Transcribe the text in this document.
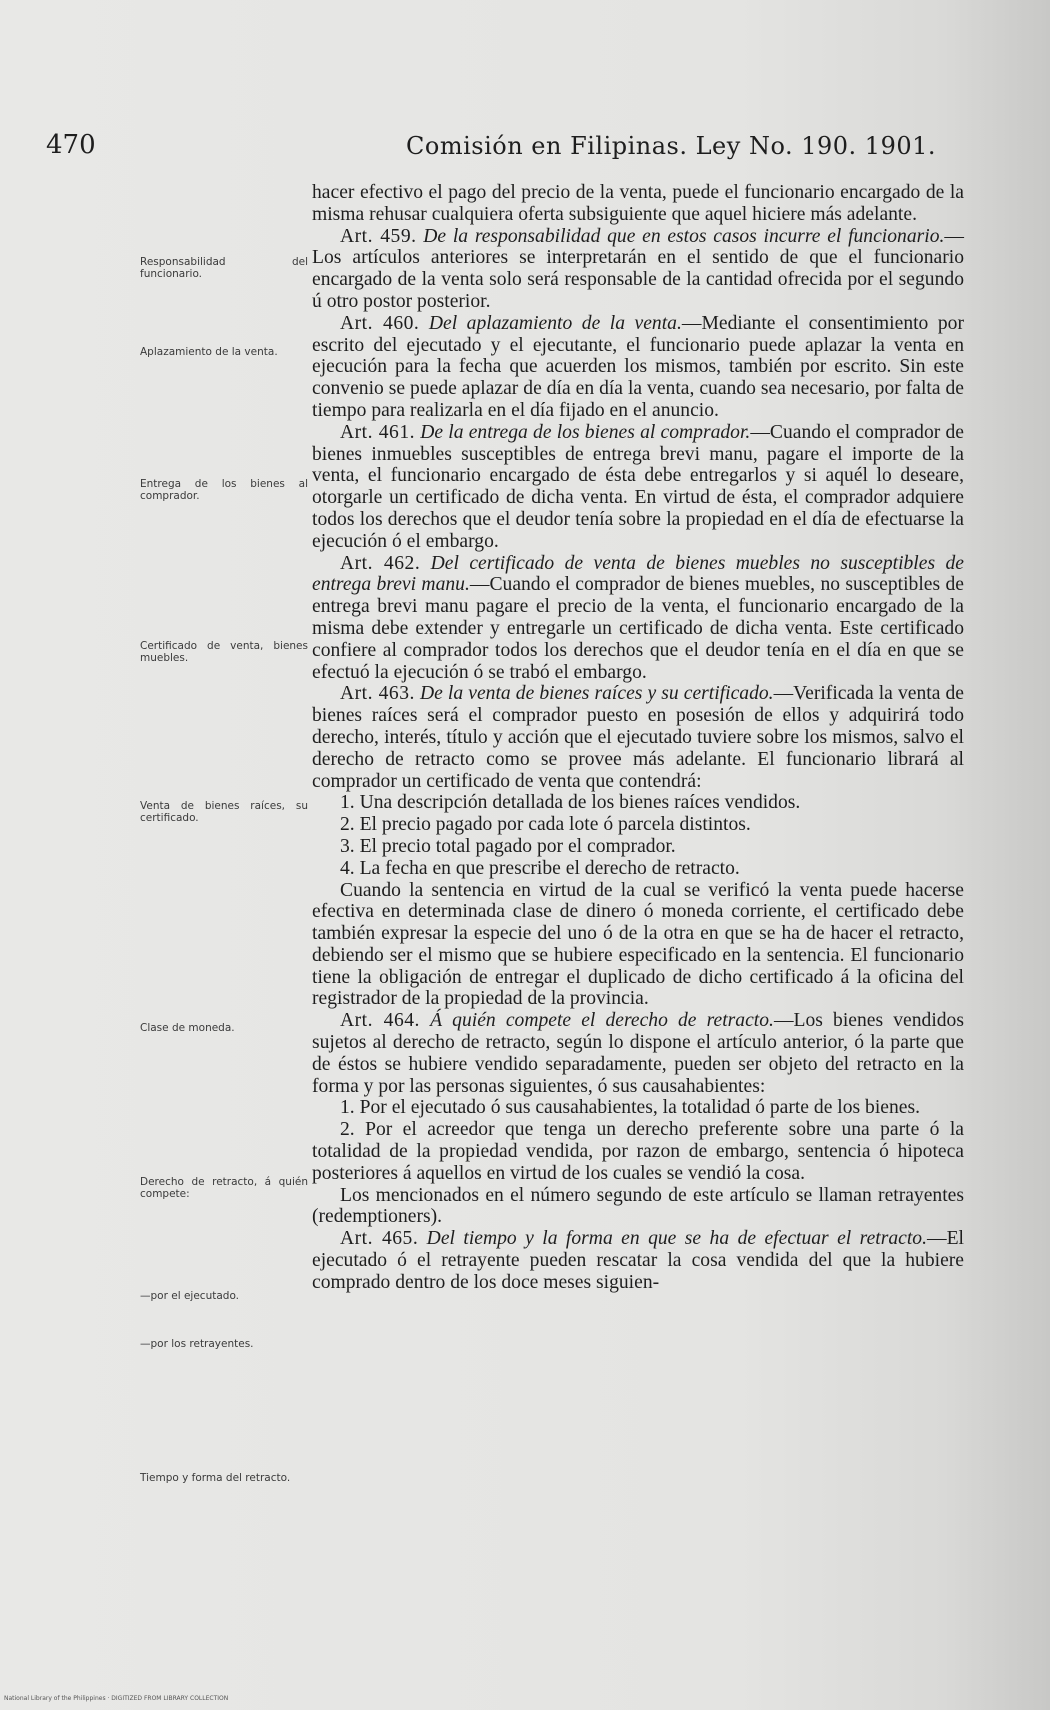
470	Comisión en Filipinas. Ley No. 190. 1901.
Responsabilidad del funcionario.
Aplazamiento de la venta.
Entrega de los bienes al comprador.
Certificado de venta, bienes muebles.
Venta de bienes raíces, su certificado.
Clase de moneda.
Derecho de retracto, á quién compete:
—por el ejecutado.
—por los retrayentes.
Tiempo y forma del retracto.

hacer efectivo el pago del precio de la venta, puede el funcionario encargado de la misma rehusar cualquiera oferta subsiguiente que aquel hiciere más adelante.

Art. 459. De la responsabilidad que en estos casos incurre el funcionario.—Los artículos anteriores se interpretarán en el sentido de que el funcionario encargado de la venta solo será responsable de la cantidad ofrecida por el segundo ú otro postor posterior.

Art. 460. Del aplazamiento de la venta.—Mediante el consentimiento por escrito del ejecutado y el ejecutante, el funcionario puede aplazar la venta en ejecución para la fecha que acuerden los mismos, también por escrito. Sin este convenio se puede aplazar de día en día la venta, cuando sea necesario, por falta de tiempo para realizarla en el día fijado en el anuncio.

Art. 461. De la entrega de los bienes al comprador.—Cuando el comprador de bienes inmuebles susceptibles de entrega brevi manu, pagare el importe de la venta, el funcionario encargado de ésta debe entregarlos y si aquél lo deseare, otorgarle un certificado de dicha venta. En virtud de ésta, el comprador adquiere todos los derechos que el deudor tenía sobre la propiedad en el día de efectuarse la ejecución ó el embargo.

Art. 462. Del certificado de venta de bienes muebles no susceptibles de entrega brevi manu.—Cuando el comprador de bienes muebles, no susceptibles de entrega brevi manu pagare el precio de la venta, el funcionario encargado de la misma debe extender y entregarle un certificado de dicha venta. Este certificado confiere al comprador todos los derechos que el deudor tenía en el día en que se efectuó la ejecución ó se trabó el embargo.

Art. 463. De la venta de bienes raíces y su certificado.—Verificada la venta de bienes raíces será el comprador puesto en posesión de ellos y adquirirá todo derecho, interés, título y acción que el ejecutado tuviere sobre los mismos, salvo el derecho de retracto como se provee más adelante. El funcionario librará al comprador un certificado de venta que contendrá:

1. Una descripción detallada de los bienes raíces vendidos.

2. El precio pagado por cada lote ó parcela distintos.

3. El precio total pagado por el comprador.

4. La fecha en que prescribe el derecho de retracto.

Cuando la sentencia en virtud de la cual se verificó la venta puede hacerse efectiva en determinada clase de dinero ó moneda corriente, el certificado debe también expresar la especie del uno ó de la otra en que se ha de hacer el retracto, debiendo ser el mismo que se hubiere especificado en la sentencia. El funcionario tiene la obligación de entregar el duplicado de dicho certificado á la oficina del registrador de la propiedad de la provincia.

Art. 464. Á quién compete el derecho de retracto.—Los bienes vendidos sujetos al derecho de retracto, según lo dispone el artículo anterior, ó la parte que de éstos se hubiere vendido separadamente, pueden ser objeto del retracto en la forma y por las personas siguientes, ó sus causahabientes:

1. Por el ejecutado ó sus causahabientes, la totalidad ó parte de los bienes.

2. Por el acreedor que tenga un derecho preferente sobre una parte ó la totalidad de la propiedad vendida, por razon de embargo, sentencia ó hipoteca posteriores á aquellos en virtud de los cuales se vendió la cosa.

Los mencionados en el número segundo de este artículo se llaman retrayentes (redemptioners).

Art. 465. Del tiempo y la forma en que se ha de efectuar el retracto.—El ejecutado ó el retrayente pueden rescatar la cosa vendida del que la hubiere comprado dentro de los doce meses siguien-

National Library of the Philippines · DIGITIZED FROM LIBRARY COLLECTION
